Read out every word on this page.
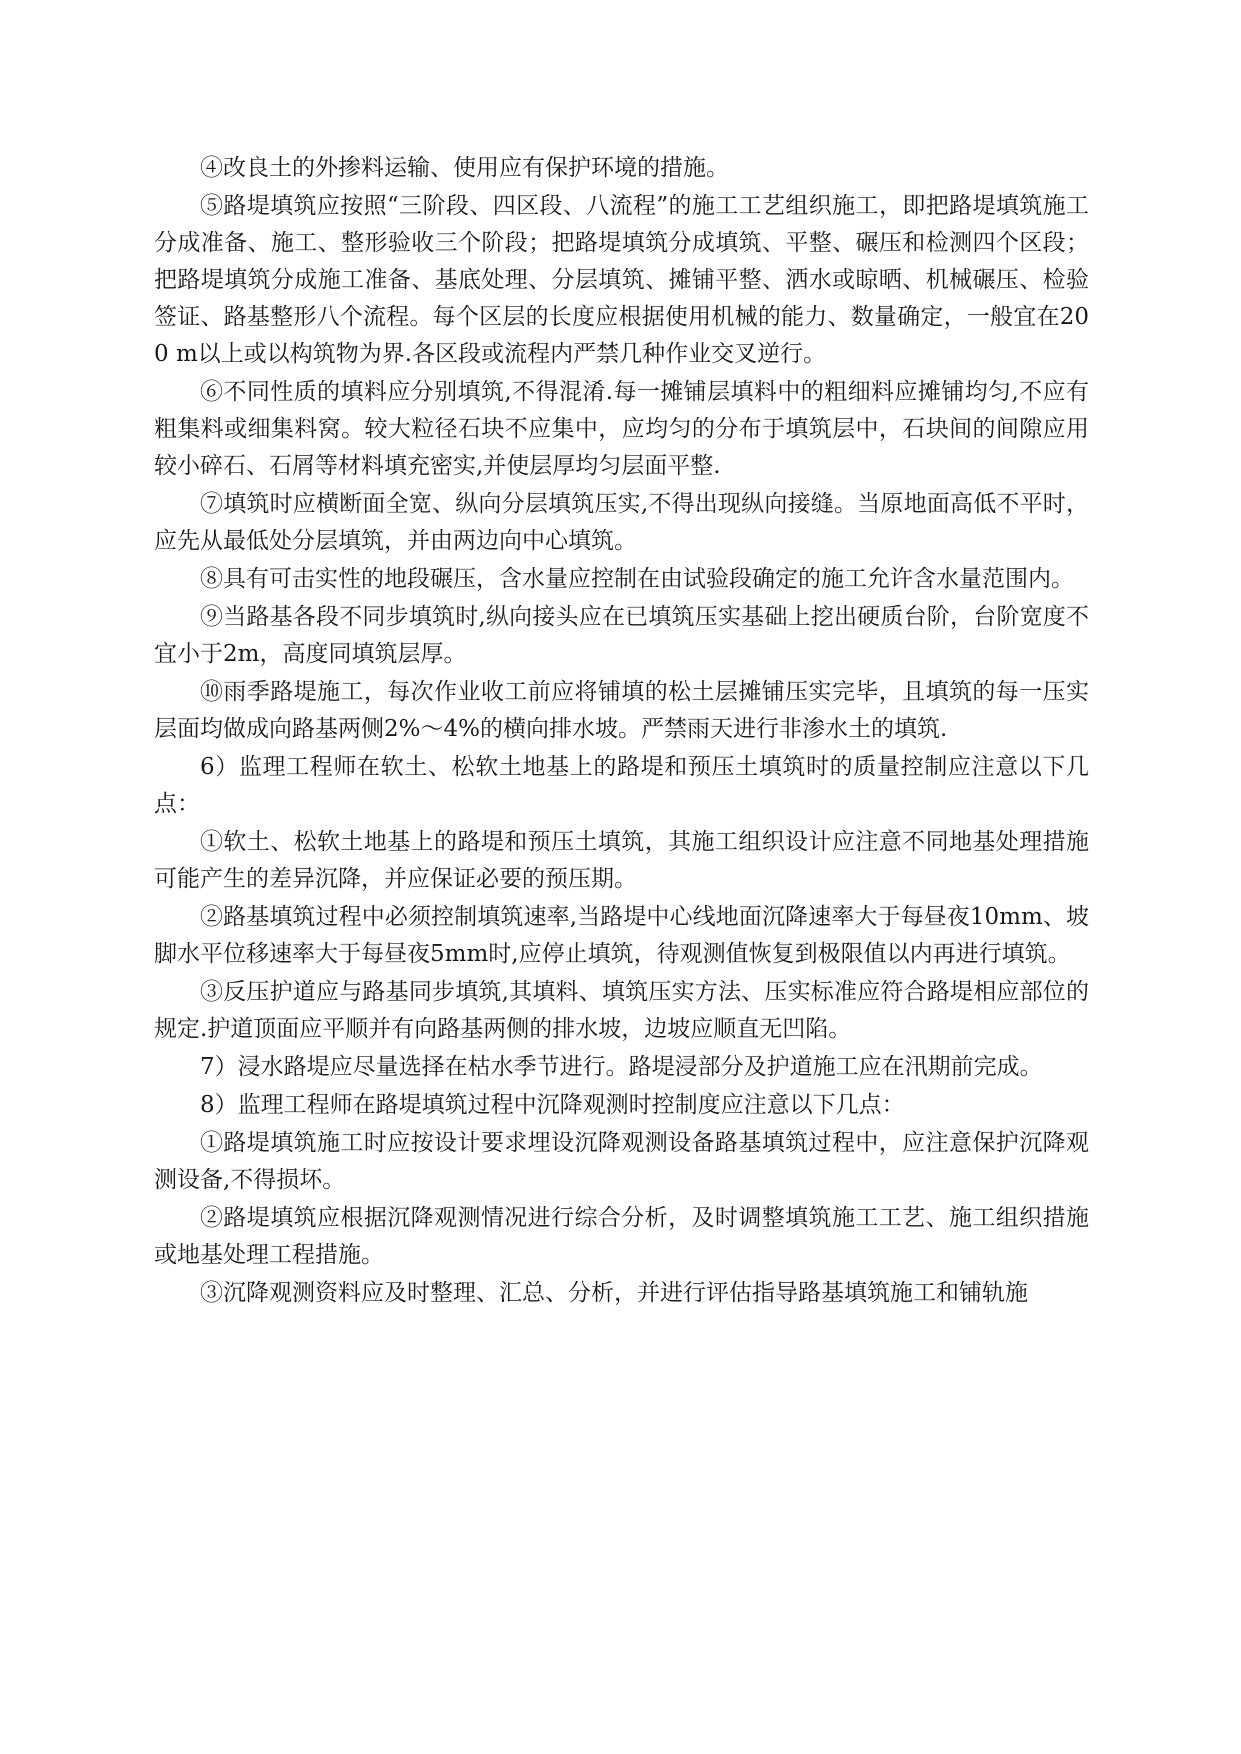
④改良土的外掺料运输、使用应有保护环境的措施。

⑤路堤填筑应按照“三阶段、四区段、八流程”的施工工艺组织施工，即把路堤填筑施工分成准备、施工、整形验收三个阶段；把路堤填筑分成填筑、平整、碾压和检测四个区段；把路堤填筑分成施工准备、基底处理、分层填筑、摊铺平整、洒水或晾晒、机械碾压、检验签证、路基整形八个流程。每个区层的长度应根据使用机械的能力、数量确定，一般宜在200 m以上或以构筑物为界.各区段或流程内严禁几种作业交叉逆行。

⑥不同性质的填料应分别填筑,不得混淆.每一摊铺层填料中的粗细料应摊铺均匀,不应有粗集料或细集料窝。较大粒径石块不应集中，应均匀的分布于填筑层中，石块间的间隙应用较小碎石、石屑等材料填充密实,并使层厚均匀层面平整.

⑦填筑时应横断面全宽、纵向分层填筑压实,不得出现纵向接缝。当原地面高低不平时，应先从最低处分层填筑，并由两边向中心填筑。

⑧具有可击实性的地段碾压，含水量应控制在由试验段确定的施工允许含水量范围内。

⑨当路基各段不同步填筑时,纵向接头应在已填筑压实基础上挖出硬质台阶，台阶宽度不宜小于2m，高度同填筑层厚。

⑩雨季路堤施工，每次作业收工前应将铺填的松土层摊铺压实完毕，且填筑的每一压实层面均做成向路基两侧2%～4%的横向排水坡。严禁雨天进行非渗水土的填筑.

6）监理工程师在软土、松软土地基上的路堤和预压土填筑时的质量控制应注意以下几点：

①软土、松软土地基上的路堤和预压土填筑，其施工组织设计应注意不同地基处理措施可能产生的差异沉降，并应保证必要的预压期。

②路基填筑过程中必须控制填筑速率,当路堤中心线地面沉降速率大于每昼夜10mm、坡脚水平位移速率大于每昼夜5mm时,应停止填筑，待观测值恢复到极限值以内再进行填筑。

③反压护道应与路基同步填筑,其填料、填筑压实方法、压实标准应符合路堤相应部位的规定.护道顶面应平顺并有向路基两侧的排水坡，边坡应顺直无凹陷。

7）浸水路堤应尽量选择在枯水季节进行。路堤浸部分及护道施工应在汛期前完成。

8）监理工程师在路堤填筑过程中沉降观测时控制度应注意以下几点：

①路堤填筑施工时应按设计要求埋设沉降观测设备路基填筑过程中，应注意保护沉降观测设备,不得损坏。

②路堤填筑应根据沉降观测情况进行综合分析，及时调整填筑施工工艺、施工组织措施或地基处理工程措施。

③沉降观测资料应及时整理、汇总、分析，并进行评估指导路基填筑施工和铺轨施
